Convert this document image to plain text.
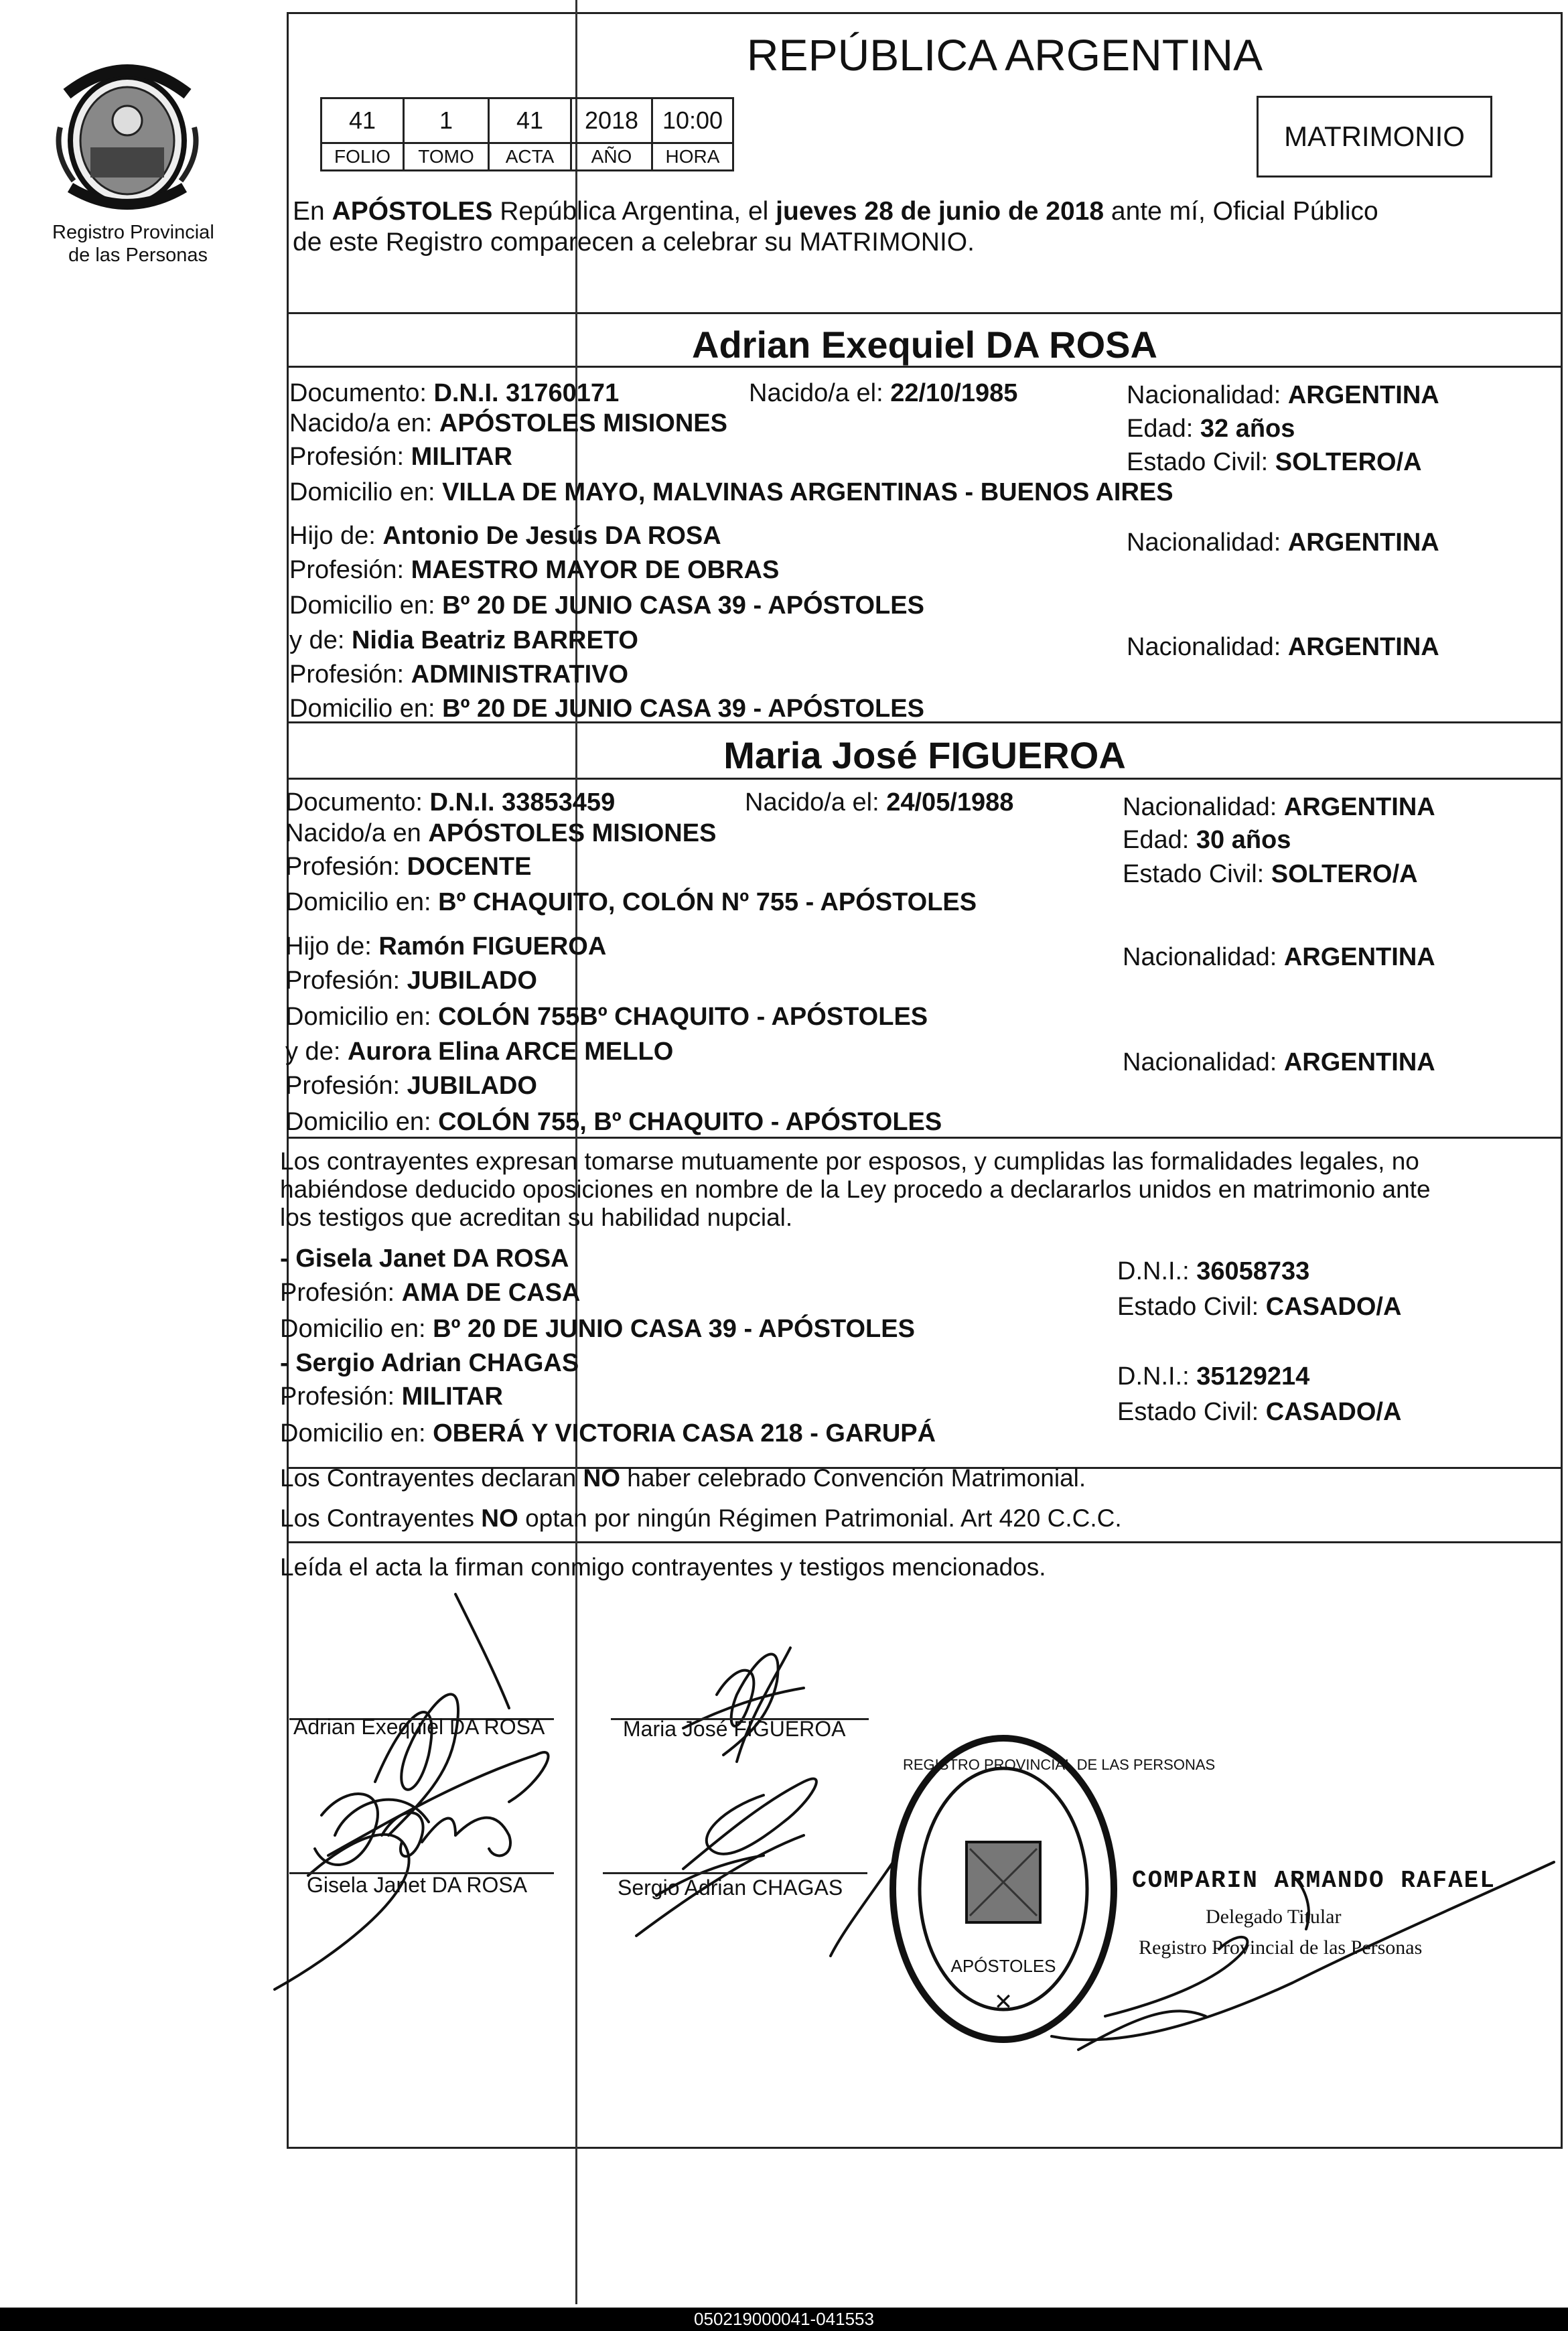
PROVINCIA DE MISIONES
Registro Provincial
de las Personas
REPÚBLICA ARGENTINA
41	1	41	2018	10:00
FOLIO	TOMO	ACTA	AÑO	HORA
MATRIMONIO
En APÓSTOLES República Argentina, el jueves 28 de junio de 2018 ante mí, Oficial Público
de este Registro comparecen a celebrar su MATRIMONIO.
Adrian Exequiel DA ROSA
Documento: D.N.I. 31760171	Nacido/a el: 22/10/1985	Nacionalidad: ARGENTINA
Nacido/a en: APÓSTOLES MISIONES	Edad: 32 años
Profesión: MILITAR	Estado Civil: SOLTERO/A
Domicilio en: VILLA DE MAYO, MALVINAS ARGENTINAS - BUENOS AIRES
Hijo de: Antonio De Jesús DA ROSA	Nacionalidad: ARGENTINA
Profesión: MAESTRO MAYOR DE OBRAS
Domicilio en: Bº 20 DE JUNIO CASA 39 - APÓSTOLES
y de: Nidia Beatriz BARRETO	Nacionalidad: ARGENTINA
Profesión: ADMINISTRATIVO
Domicilio en: Bº 20 DE JUNIO CASA 39 - APÓSTOLES
Maria José FIGUEROA
Documento: D.N.I. 33853459	Nacido/a el: 24/05/1988	Nacionalidad: ARGENTINA
Nacido/a en APÓSTOLES MISIONES	Edad: 30 años
Profesión: DOCENTE	Estado Civil: SOLTERO/A
Domicilio en: Bº CHAQUITO, COLÓN Nº 755 - APÓSTOLES
Hijo de: Ramón FIGUEROA	Nacionalidad: ARGENTINA
Profesión: JUBILADO
Domicilio en: COLÓN 755Bº CHAQUITO - APÓSTOLES
y de: Aurora Elina ARCE MELLO	Nacionalidad: ARGENTINA
Profesión: JUBILADO
Domicilio en: COLÓN 755, Bº CHAQUITO - APÓSTOLES
Los contrayentes expresan tomarse mutuamente por esposos, y cumplidas las formalidades legales, no
habiéndose deducido oposiciones en nombre de la Ley procedo a declararlos unidos en matrimonio ante
los testigos que acreditan su habilidad nupcial.
- Gisela Janet DA ROSA	D.N.I.: 36058733
Profesión: AMA DE CASA	Estado Civil: CASADO/A
Domicilio en: Bº 20 DE JUNIO CASA 39 - APÓSTOLES
- Sergio Adrian CHAGAS	D.N.I.: 35129214
Profesión: MILITAR
Estado Civil: CASADO/A
Domicilio en: OBERÁ Y VICTORIA CASA 218 - GARUPÁ
Los Contrayentes declaran NO haber celebrado Convención Matrimonial.
Los Contrayentes NO optan por ningún Régimen Patrimonial. Art 420 C.C.C.
Leída el acta la firman conmigo contrayentes y testigos mencionados.
Adrian Exequiel DA ROSA	Maria José FIGUEROA
Gisela Janet DA ROSA	Sergio Adrian CHAGAS
✕
REGISTRO PROVINCIAL DE LAS PERSONAS
APÓSTOLES
COMPARIN ARMANDO RAFAEL
Delegado Titular
Registro Provincial de las Personas
050219000041-041553
